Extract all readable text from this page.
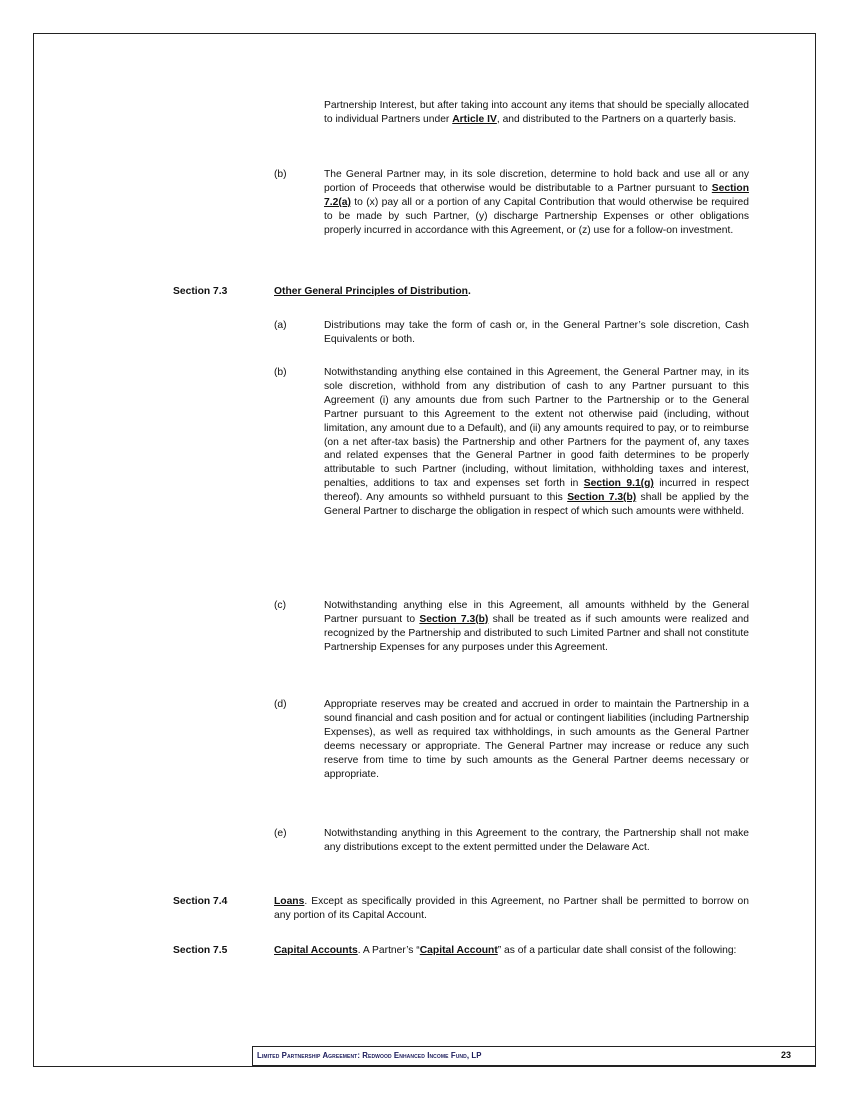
Partnership Interest, but after taking into account any items that should be specially allocated to individual Partners under Article IV, and distributed to the Partners on a quarterly basis.
(b)	The General Partner may, in its sole discretion, determine to hold back and use all or any portion of Proceeds that otherwise would be distributable to a Partner pursuant to Section 7.2(a) to (x) pay all or a portion of any Capital Contribution that would otherwise be required to be made by such Partner, (y) discharge Partnership Expenses or other obligations properly incurred in accordance with this Agreement, or (z) use for a follow-on investment.
Section 7.3	Other General Principles of Distribution.
(a)	Distributions may take the form of cash or, in the General Partner’s sole discretion, Cash Equivalents or both.
(b)	Notwithstanding anything else contained in this Agreement, the General Partner may, in its sole discretion, withhold from any distribution of cash to any Partner pursuant to this Agreement (i) any amounts due from such Partner to the Partnership or to the General Partner pursuant to this Agreement to the extent not otherwise paid (including, without limitation, any amount due to a Default), and (ii) any amounts required to pay, or to reimburse (on a net after-tax basis) the Partnership and other Partners for the payment of, any taxes and related expenses that the General Partner in good faith determines to be properly attributable to such Partner (including, without limitation, withholding taxes and interest, penalties, additions to tax and expenses set forth in Section 9.1(g) incurred in respect thereof). Any amounts so withheld pursuant to this Section 7.3(b) shall be applied by the General Partner to discharge the obligation in respect of which such amounts were withheld.
(c)	Notwithstanding anything else in this Agreement, all amounts withheld by the General Partner pursuant to Section 7.3(b) shall be treated as if such amounts were realized and recognized by the Partnership and distributed to such Limited Partner and shall not constitute Partnership Expenses for any purposes under this Agreement.
(d)	Appropriate reserves may be created and accrued in order to maintain the Partnership in a sound financial and cash position and for actual or contingent liabilities (including Partnership Expenses), as well as required tax withholdings, in such amounts as the General Partner deems necessary or appropriate. The General Partner may increase or reduce any such reserve from time to time by such amounts as the General Partner deems necessary or appropriate.
(e)	Notwithstanding anything in this Agreement to the contrary, the Partnership shall not make any distributions except to the extent permitted under the Delaware Act.
Section 7.4	Loans. Except as specifically provided in this Agreement, no Partner shall be permitted to borrow on any portion of its Capital Account.
Section 7.5	Capital Accounts. A Partner’s “Capital Account” as of a particular date shall consist of the following:
Limited Partnership Agreement: Redwood Enhanced Income Fund, LP	23
